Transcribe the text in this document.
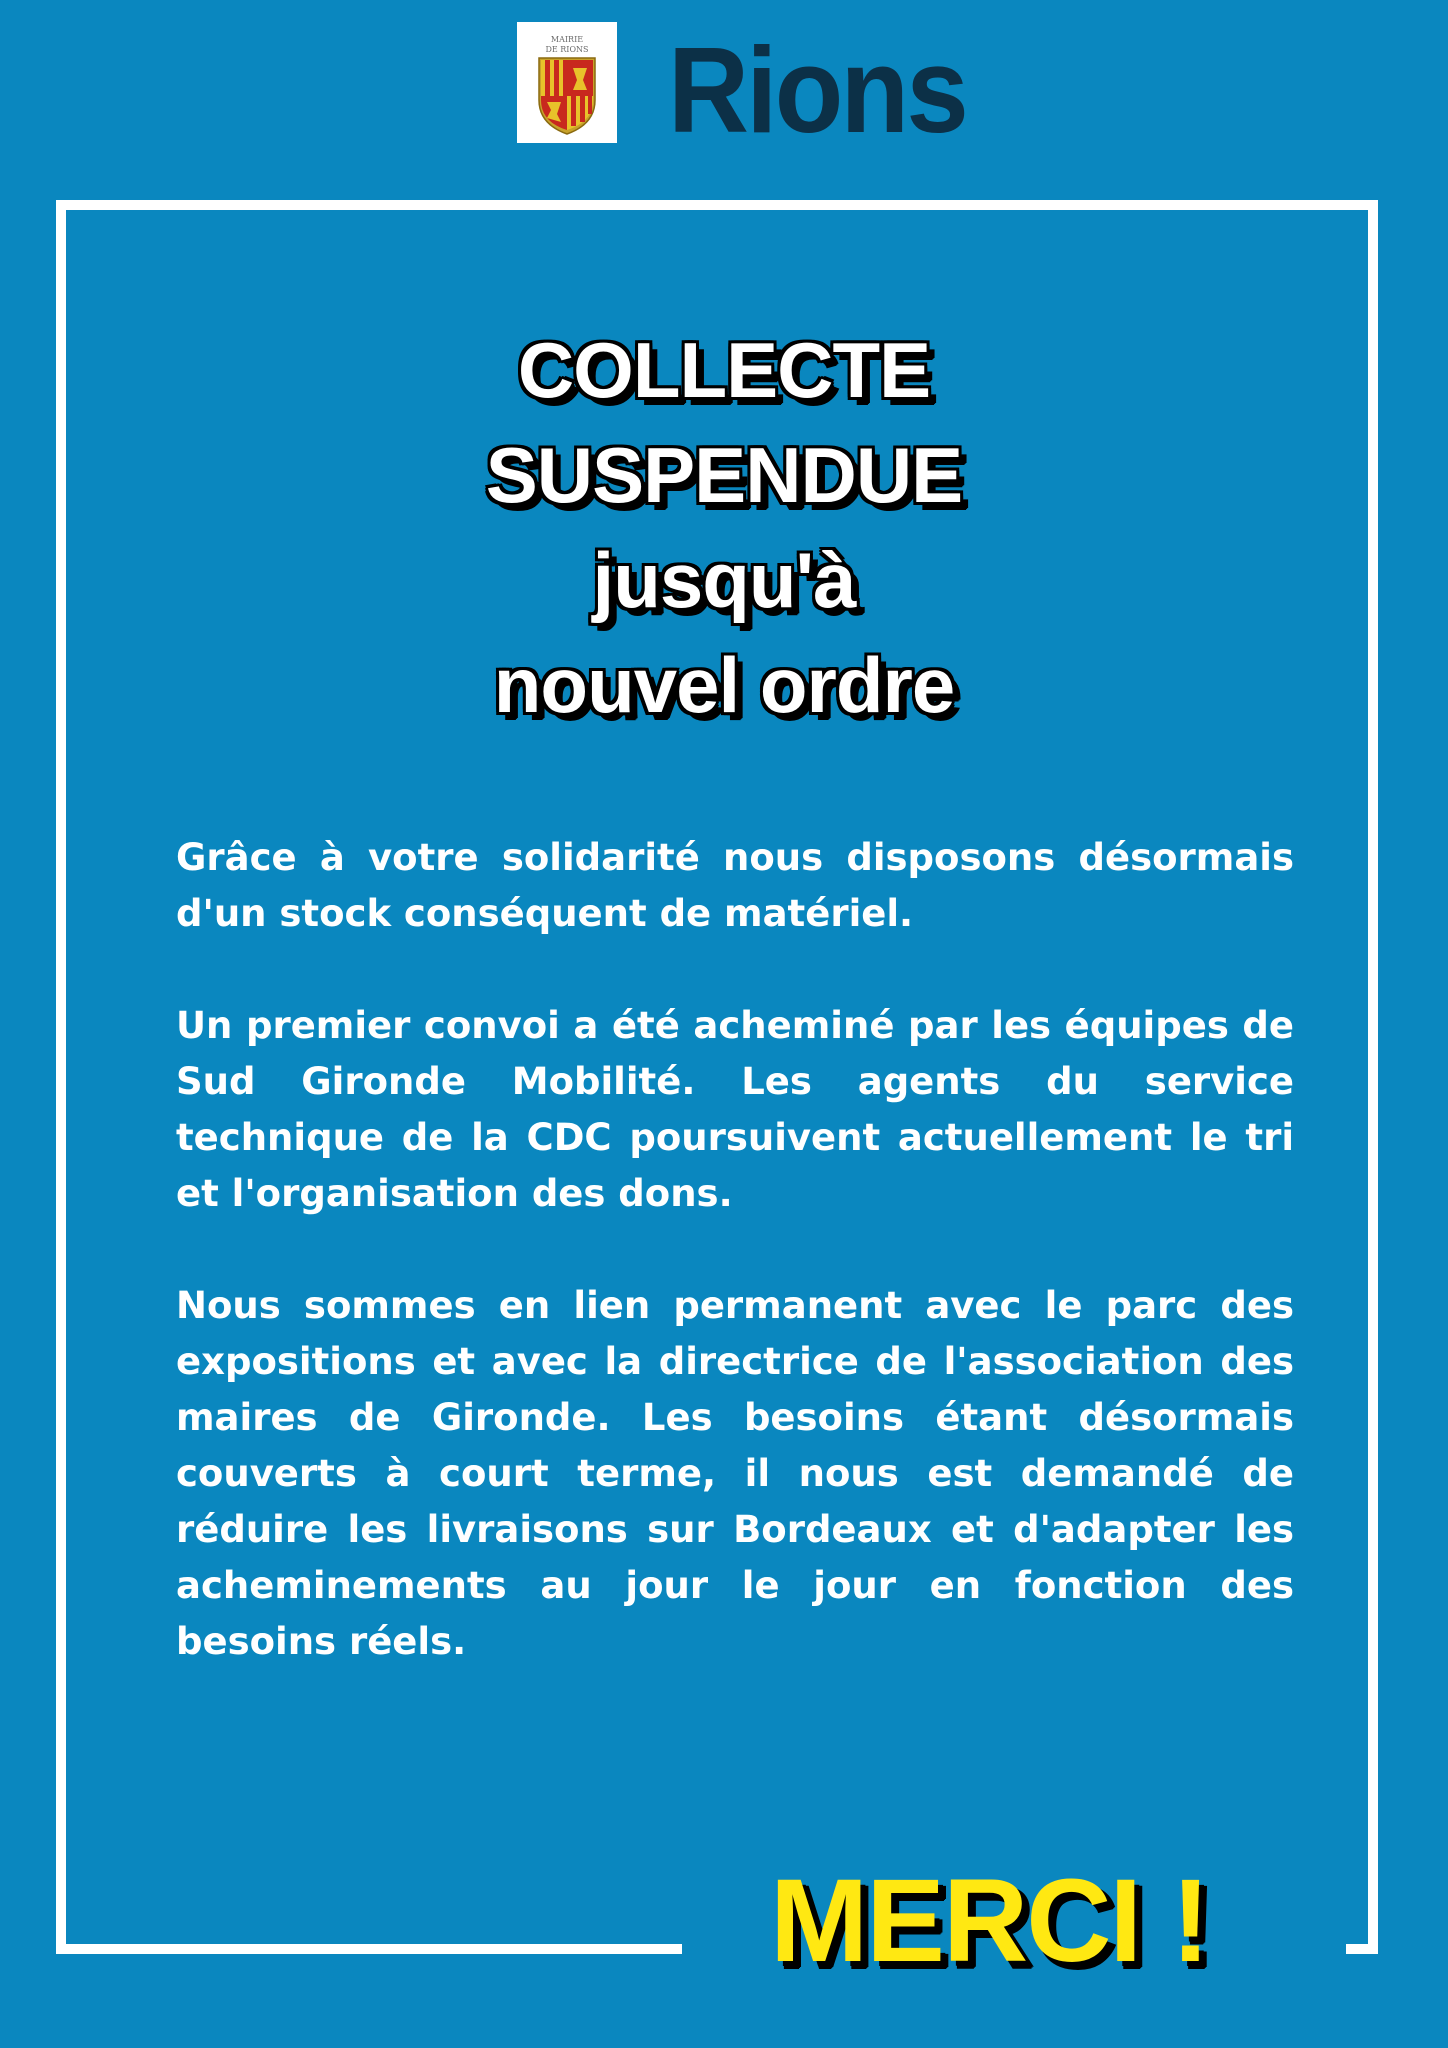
MAIRIE
DE RIONS Rions
COLLECTE
SUSPENDUE
jusqu'à
nouvel ordre

Grâce à votre solidarité nous disposons désormais d'un stock conséquent de matériel.

Un premier convoi a été acheminé par les équipes de Sud Gironde Mobilité. Les agents du service technique de la CDC poursuivent actuellement le tri et l'organisation des dons.

Nous sommes en lien permanent avec le parc des expositions et avec la directrice de l'association des maires de Gironde. Les besoins étant désormais couverts à court terme, il nous est demandé de réduire les livraisons sur Bordeaux et d'adapter les acheminements au jour le jour en fonction des besoins réels.

MERCI !
